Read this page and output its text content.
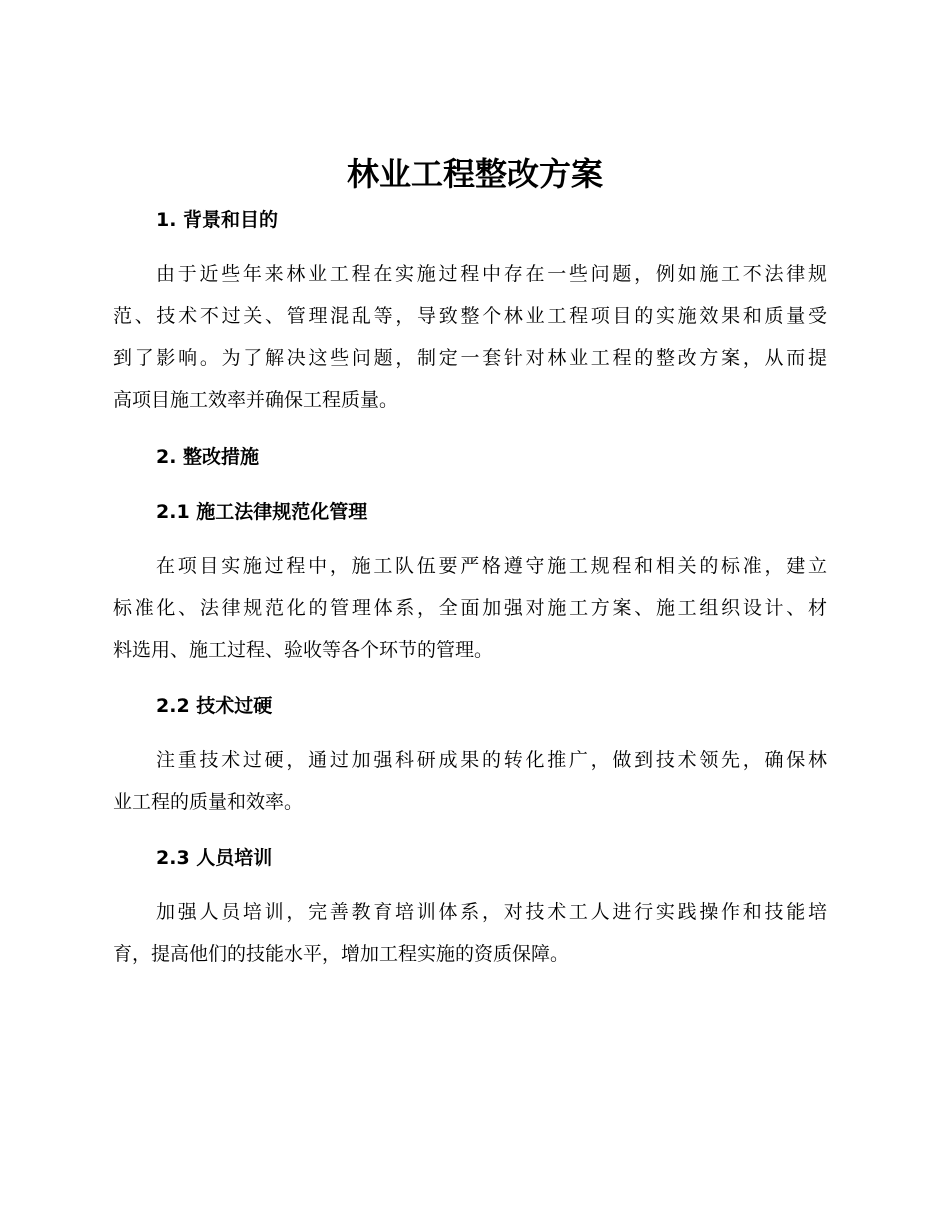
林业工程整改方案
1. 背景和目的
由于近些年来林业工程在实施过程中存在一些问题，例如施工不法律规
范、技术不过关、管理混乱等，导致整个林业工程项目的实施效果和质量受
到了影响。为了解决这些问题，制定一套针对林业工程的整改方案，从而提
高项目施工效率并确保工程质量。
2. 整改措施
2.1 施工法律规范化管理
在项目实施过程中，施工队伍要严格遵守施工规程和相关的标准，建立
标准化、法律规范化的管理体系，全面加强对施工方案、施工组织设计、材
料选用、施工过程、验收等各个环节的管理。
2.2 技术过硬
注重技术过硬，通过加强科研成果的转化推广，做到技术领先，确保林
业工程的质量和效率。
2.3 人员培训
加强人员培训，完善教育培训体系，对技术工人进行实践操作和技能培
育，提高他们的技能水平，增加工程实施的资质保障。
